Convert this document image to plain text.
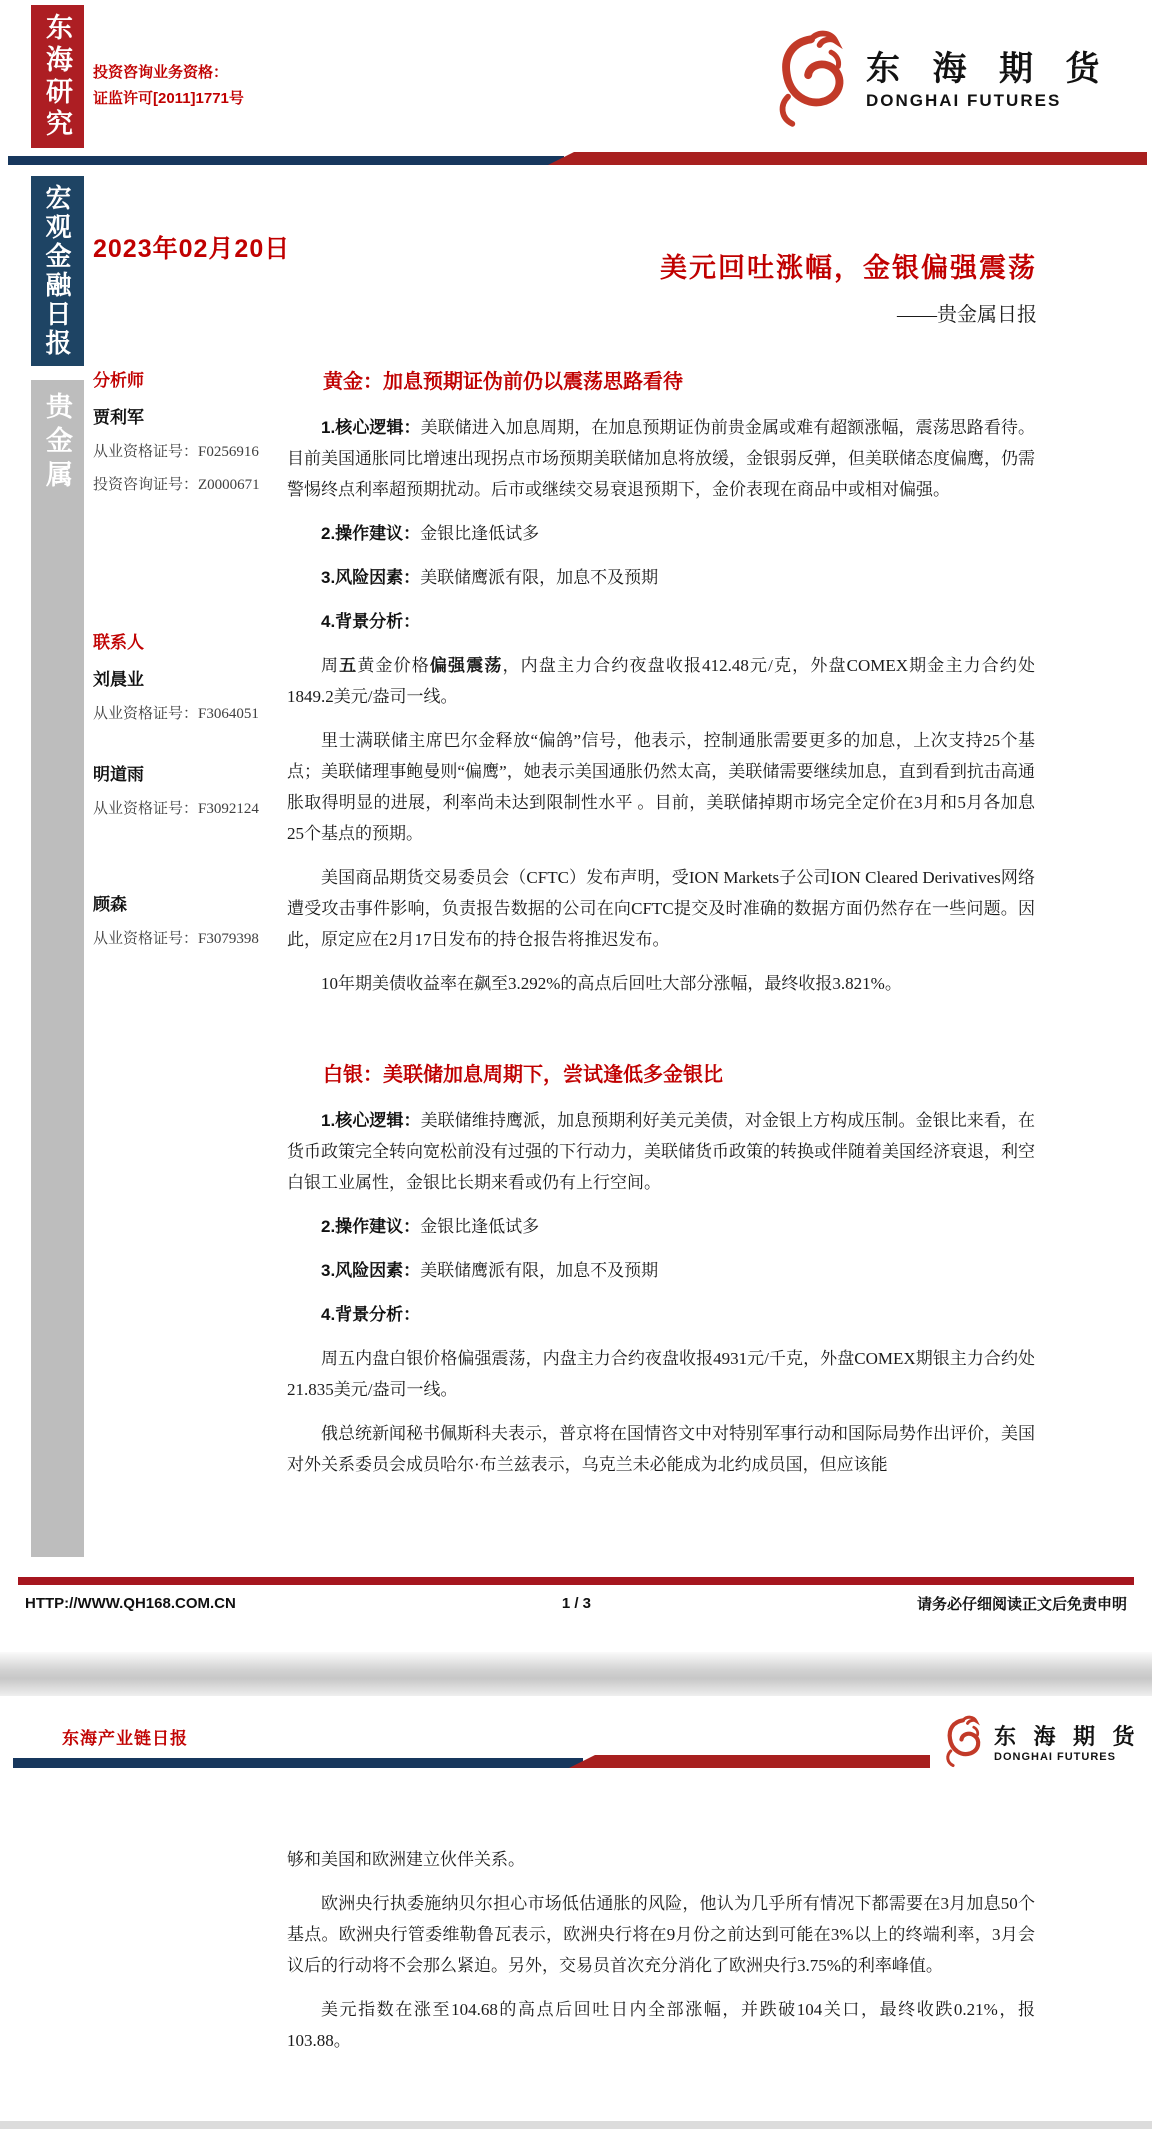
东海研究	投资咨询业务资格：
证监许可[2011]1771号
东 海 期 货
DONGHAI FUTURES
宏观金融日报
贵金属
2023年02月20日
美元回吐涨幅，金银偏强震荡
——贵金属日报
分析师
贾利军
从业资格证号：F0256916
投资咨询证号：Z0000671
联系人
刘晨业
从业资格证号：F3064051
明道雨
从业资格证号：F3092124
顾森
从业资格证号：F3079398
黄金：加息预期证伪前仍以震荡思路看待

1.核心逻辑：美联储进入加息周期，在加息预期证伪前贵金属或难有超额涨幅，震荡思路看待。目前美国通胀同比增速出现拐点市场预期美联储加息将放缓，金银弱反弹，但美联储态度偏鹰，仍需警惕终点利率超预期扰动。后市或继续交易衰退预期下，金价表现在商品中或相对偏强。

2.操作建议：金银比逢低试多

3.风险因素：美联储鹰派有限，加息不及预期

4.背景分析：

周五黄金价格偏强震荡，内盘主力合约夜盘收报412.48元/克，外盘COMEX期金主力合约处1849.2美元/盎司一线。

里士满联储主席巴尔金释放“偏鸽”信号，他表示，控制通胀需要更多的加息，上次支持25个基点；美联储理事鲍曼则“偏鹰”，她表示美国通胀仍然太高，美联储需要继续加息，直到看到抗击高通胀取得明显的进展，利率尚未达到限制性水平 。目前，美联储掉期市场完全定价在3月和5月各加息25个基点的预期。

美国商品期货交易委员会（CFTC）发布声明，受ION Markets子公司ION Cleared Derivatives网络遭受攻击事件影响，负责报告数据的公司在向CFTC提交及时准确的数据方面仍然存在一些问题。因此，原定应在2月17日发布的持仓报告将推迟发布。

10年期美债收益率在飙至3.292%的高点后回吐大部分涨幅，最终收报3.821%。

白银：美联储加息周期下，尝试逢低多金银比

1.核心逻辑：美联储维持鹰派，加息预期利好美元美债，对金银上方构成压制。金银比来看，在货币政策完全转向宽松前没有过强的下行动力，美联储货币政策的转换或伴随着美国经济衰退，利空白银工业属性，金银比长期来看或仍有上行空间。

2.操作建议：金银比逢低试多

3.风险因素：美联储鹰派有限，加息不及预期

4.背景分析：

周五内盘白银价格偏强震荡，内盘主力合约夜盘收报4931元/千克，外盘COMEX期银主力合约处21.835美元/盎司一线。

俄总统新闻秘书佩斯科夫表示，普京将在国情咨文中对特别军事行动和国际局势作出评价，美国对外关系委员会成员哈尔·布兰兹表示，乌克兰未必能成为北约成员国，但应该能

HTTP://WWW.QH168.COM.CN	1 / 3	请务必仔细阅读正文后免责申明
东海产业链日报	东 海 期 货
DONGHAI FUTURES

够和美国和欧洲建立伙伴关系。

欧洲央行执委施纳贝尔担心市场低估通胀的风险，他认为几乎所有情况下都需要在3月加息50个基点。欧洲央行管委维勒鲁瓦表示，欧洲央行将在9月份之前达到可能在3%以上的终端利率，3月会议后的行动将不会那么紧迫。另外，交易员首次充分消化了欧洲央行3.75%的利率峰值。

美元指数在涨至104.68的高点后回吐日内全部涨幅，并跌破104关口，最终收跌0.21%，报103.88。
